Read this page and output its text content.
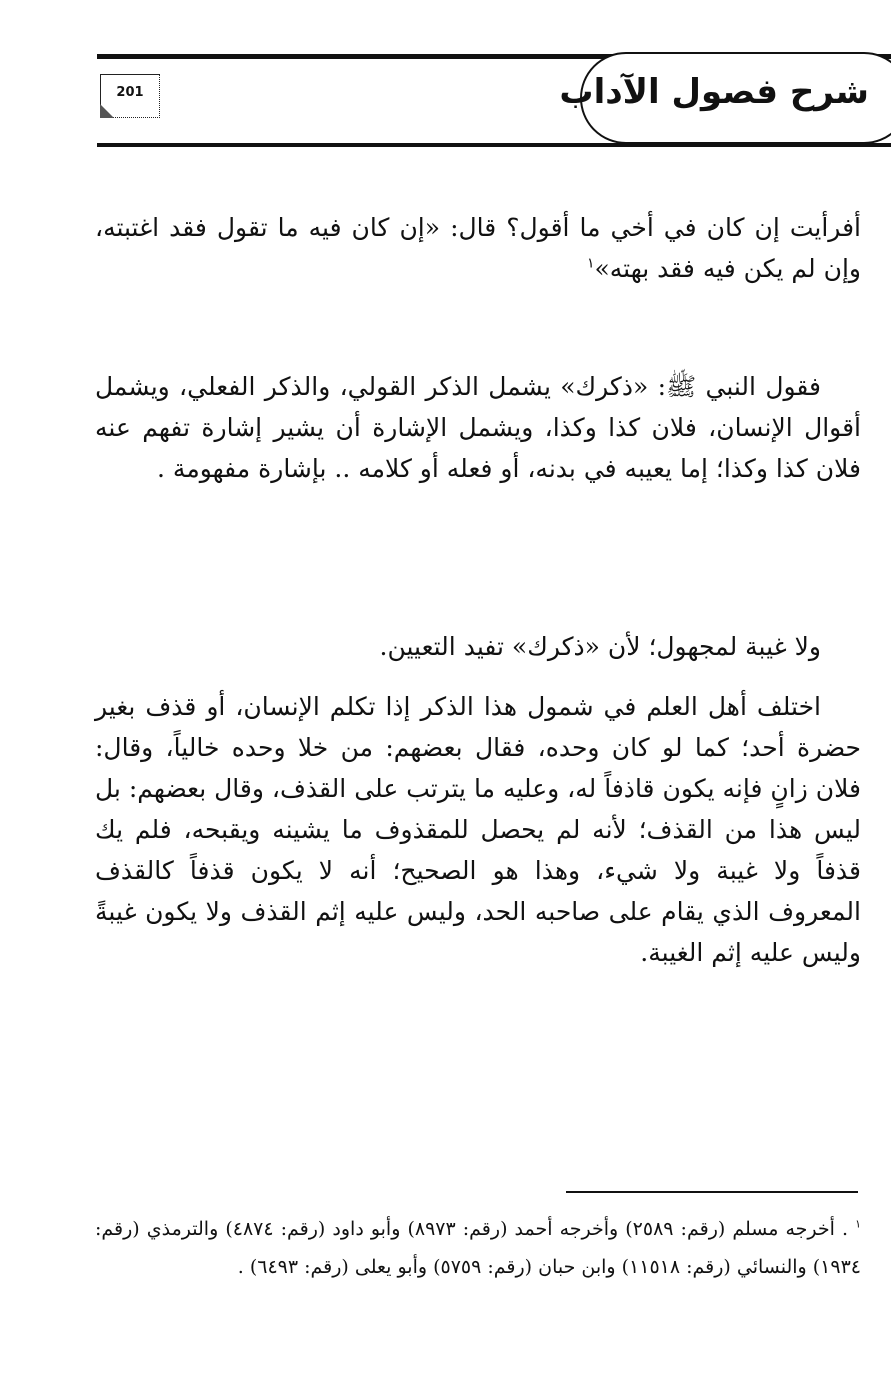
شرح فصول الآداب
201

أفرأيت إن كان في أخي ما أقول؟ قال: «إن كان فيه ما تقول فقد اغتبته، وإن لم يكن فيه فقد بهته»$^١$

فقول النبي ﷺ: «ذكرك» يشمل الذكر القولي، والذكر الفعلي، ويشمل أقوال الإنسان، فلان كذا وكذا، ويشمل الإشارة أن يشير إشارة تفهم عنه فلان كذا وكذا؛ إما يعيبه في بدنه، أو فعله أو كلامه .. بإشارة مفهومة .

ولا غيبة لمجهول؛ لأن «ذكرك» تفيد التعيين.

اختلف أهل العلم في شمول هذا الذكر إذا تكلم الإنسان، أو قذف بغير حضرة أحد؛ كما لو كان وحده، فقال بعضهم: من خلا وحده خالياً، وقال: فلان زانٍ فإنه يكون قاذفاً له، وعليه ما يترتب على القذف، وقال بعضهم: بل ليس هذا من القذف؛ لأنه لم يحصل للمقذوف ما يشينه ويقبحه، فلم يك قذفاً ولا غيبة ولا شيء، وهذا هو الصحيح؛ أنه لا يكون قذفاً كالقذف المعروف الذي يقام على صاحبه الحد، وليس عليه إثم القذف ولا يكون غيبةً وليس عليه إثم الغيبة.

$^١$ . أخرجه مسلم (رقم: ٢٥٨٩) وأخرجه أحمد (رقم: ٨٩٧٣) وأبو داود (رقم: ٤٨٧٤) والترمذي (رقم: ١٩٣٤) والنسائي (رقم: ١١٥١٨) وابن حبان (رقم: ٥٧٥٩) وأبو يعلى (رقم: ٦٤٩٣) .
